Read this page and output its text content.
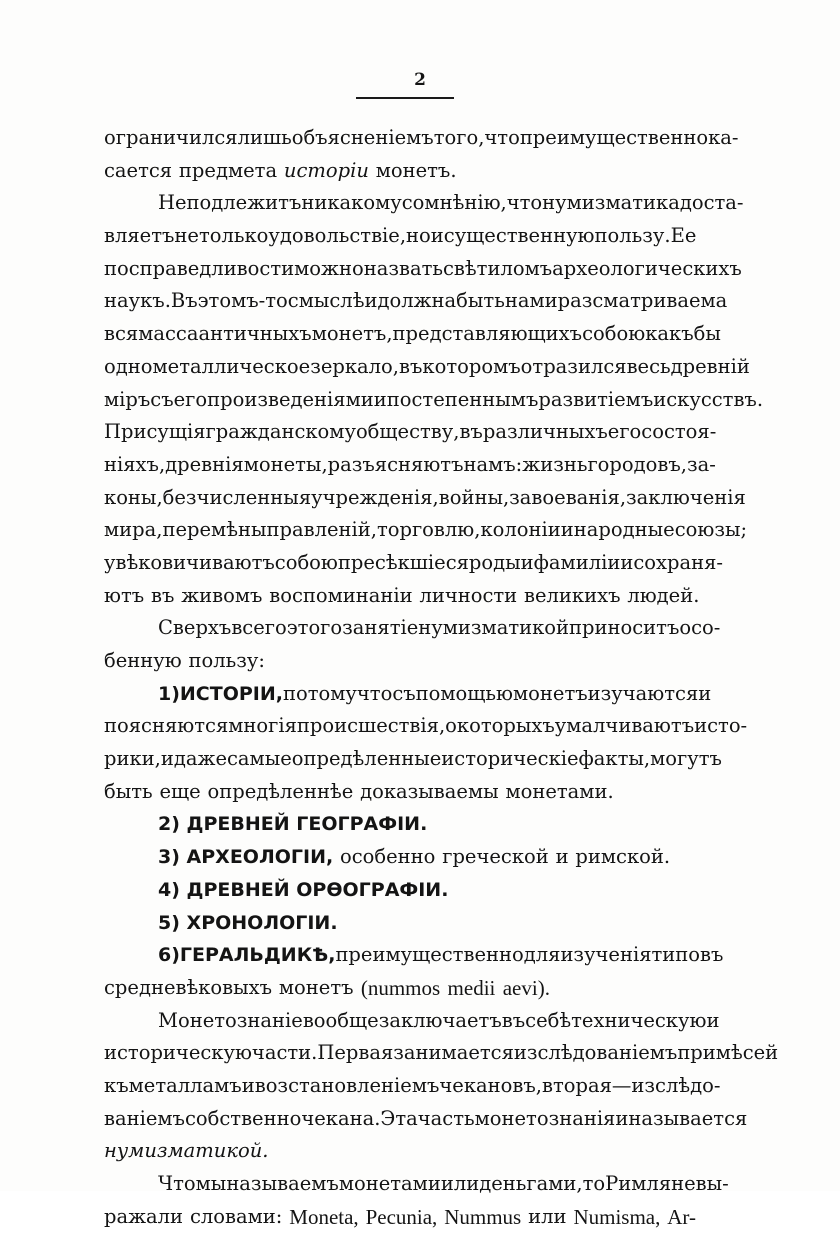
2
ограничился лишь объясненіемъ того, что преимущественно ка-
сается предмета исторіи монетъ.
Не подлежитъ никакому сомнѣнію, что нумизматика доста-
вляетъ не только удовольствіе, но и существенную пользу. Ее
по справедливости можно назвать свѣтиломъ археологическихъ
наукъ. Въ этомъ-то смыслѣ и должна быть нами разсматриваема
вся масса античныхъ монетъ, представляющихъ собою какъ бы
одно металлическое зеркало, въ которомъ отразился весь древній
міръ съ его произведеніями и постепеннымъ развитіемъ искусствъ.
Присущія гражданскому обществу, въ различныхъ его состоя-
ніяхъ, древнія монеты, разъясняютъ намъ: жизнь городовъ, за-
коны, безчисленныя учрежденія, войны, завоеванія, заключенія
мира, перемѣны правленій, торговлю, колоніи и народные союзы;
увѣковичиваютъ собою пресѣкшіеся роды и фамиліи и сохраня-
ютъ въ живомъ воспоминаніи личности великихъ людей.
Сверхъ всего этого занятіе нумизматикой приноситъ осо-
бенную пользу:
1) ИСТОРІИ, потому что съ помощью монетъ изучаются и
поясняются многія происшествія, о которыхъ умалчиваютъ исто-
рики, и даже самые опредѣленные историческіе факты, могутъ
быть еще опредѣленнѣе доказываемы монетами.
2) ДРЕВНЕЙ ГЕОГРАФІИ.
3) АРХЕОЛОГІИ, особенно греческой и римской.
4) ДРЕВНЕЙ ОРѲОГРАФІИ.
5) ХРОНОЛОГІИ.
6) ГЕРАЛЬДИКѢ, преимущественно для изученія типовъ
средневѣковыхъ монетъ (nummos medii aevi).
Монетознаніе вообще заключаетъ въ себѣ техническую и
историческую части. Первая занимается изслѣдованіемъ примѣсей
къ металламъ и возстановленіемъ чекановъ, вторая — изслѣдо-
ваніемъ собственно чекана. Эта часть монетознанія и называется
нумизматикой.
Что мы называемъ монетами или деньгами, то Римляне вы-
ражали словами: Moneta, Pecunia, Nummus или Numisma, Ar-
